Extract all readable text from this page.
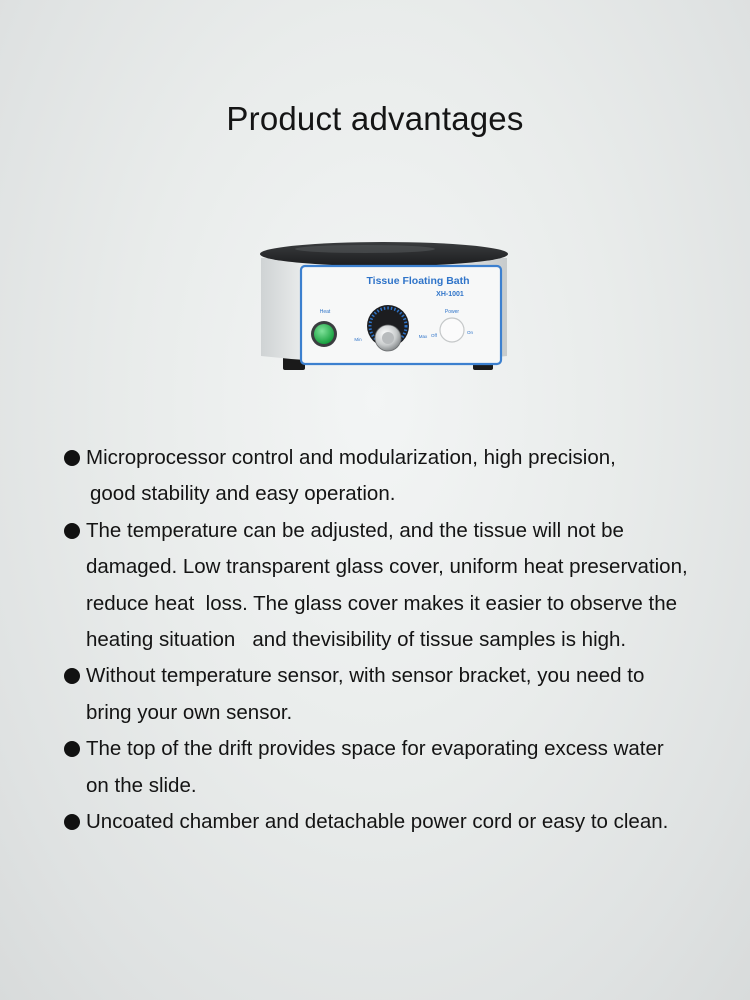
Product advantages
Tissue Floating Bath
XH-1001
Heat
Min
Max
Power
Off
On
Microprocessor control and modularization, high precision,
good stability and easy operation.
The temperature can be adjusted, and the tissue will not be
damaged. Low transparent glass cover, uniform heat preservation,
reduce heat  loss. The glass cover makes it easier to observe the
heating situation   and thevisibility of tissue samples is high.
Without temperature sensor, with sensor bracket, you need to
bring your own sensor.
The top of the drift provides space for evaporating excess water
on the slide.
Uncoated chamber and detachable power cord or easy to clean.
